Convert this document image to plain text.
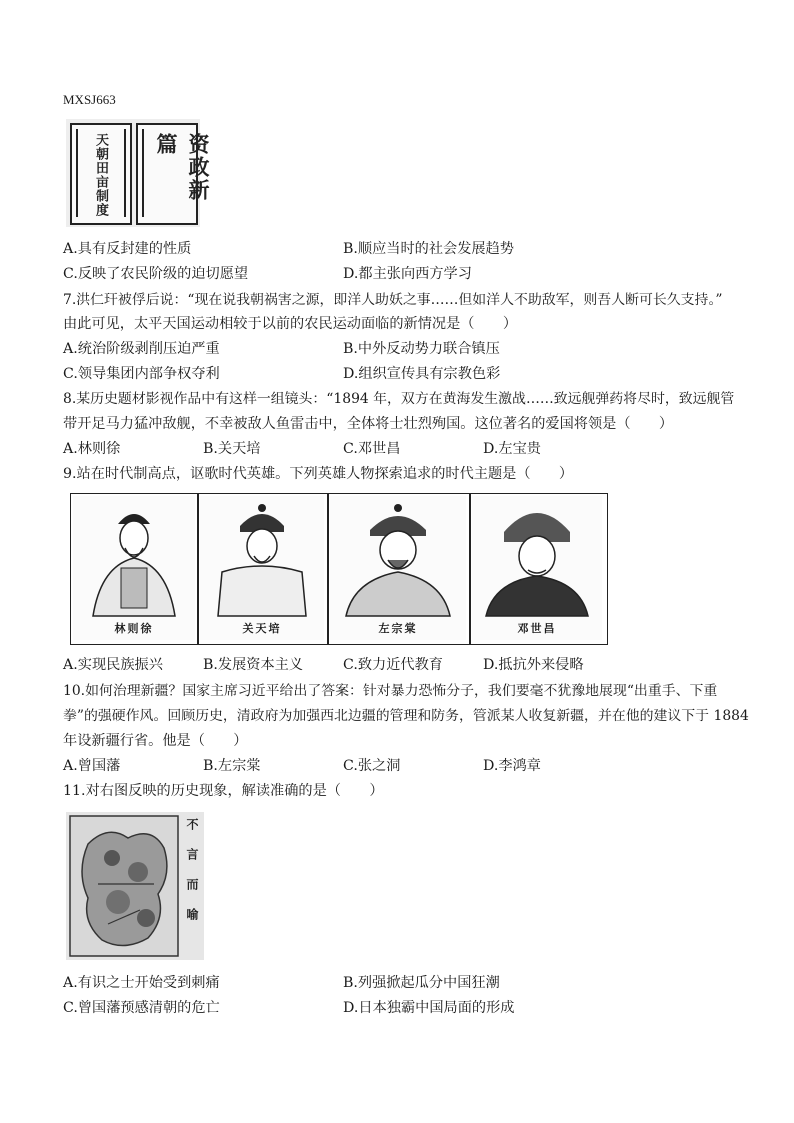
MXSJ663
天朝田亩制度	资政新篇
A.具有反封建的性质	B.顺应当时的社会发展趋势
C.反映了农民阶级的迫切愿望	D.都主张向西方学习
7.洪仁玕被俘后说：“现在说我朝祸害之源，即洋人助妖之事……但如洋人不助敌军，则吾人断可长久支持。”
由此可见，太平天国运动相较于以前的农民运动面临的新情况是（　　）
A.统治阶级剥削压迫严重	B.中外反动势力联合镇压
C.领导集团内部争权夺利	D.组织宣传具有宗教色彩
8.某历史题材影视作品中有这样一组镜头：“1894 年，双方在黄海发生激战……致远舰弹药将尽时，致远舰管
带开足马力猛冲敌舰，不幸被敌人鱼雷击中，全体将士壮烈殉国。这位著名的爱国将领是（　　）
A.林则徐	B.关天培	C.邓世昌	D.左宝贵
9.站在时代制高点，讴歌时代英雄。下列英雄人物探索追求的时代主题是（　　）
林则徐	关天培	左宗棠	邓世昌
A.实现民族振兴	B.发展资本主义	C.致力近代教育	D.抵抗外来侵略
10.如何治理新疆？国家主席习近平给出了答案：针对暴力恐怖分子，我们要毫不犹豫地展现“出重手、下重
拳”的强硬作风。回顾历史，清政府为加强西北边疆的管理和防务，管派某人收复新疆，并在他的建议下于 1884
年设新疆行省。他是（　　）
A.曾国藩	B.左宗棠	C.张之洞	D.李鸿章
11.对右图反映的历史现象，解读准确的是（　　）
不言而喻
A.有识之士开始受到刺痛	B.列强掀起瓜分中国狂潮
C.曾国藩预感清朝的危亡	D.日本独霸中国局面的形成
